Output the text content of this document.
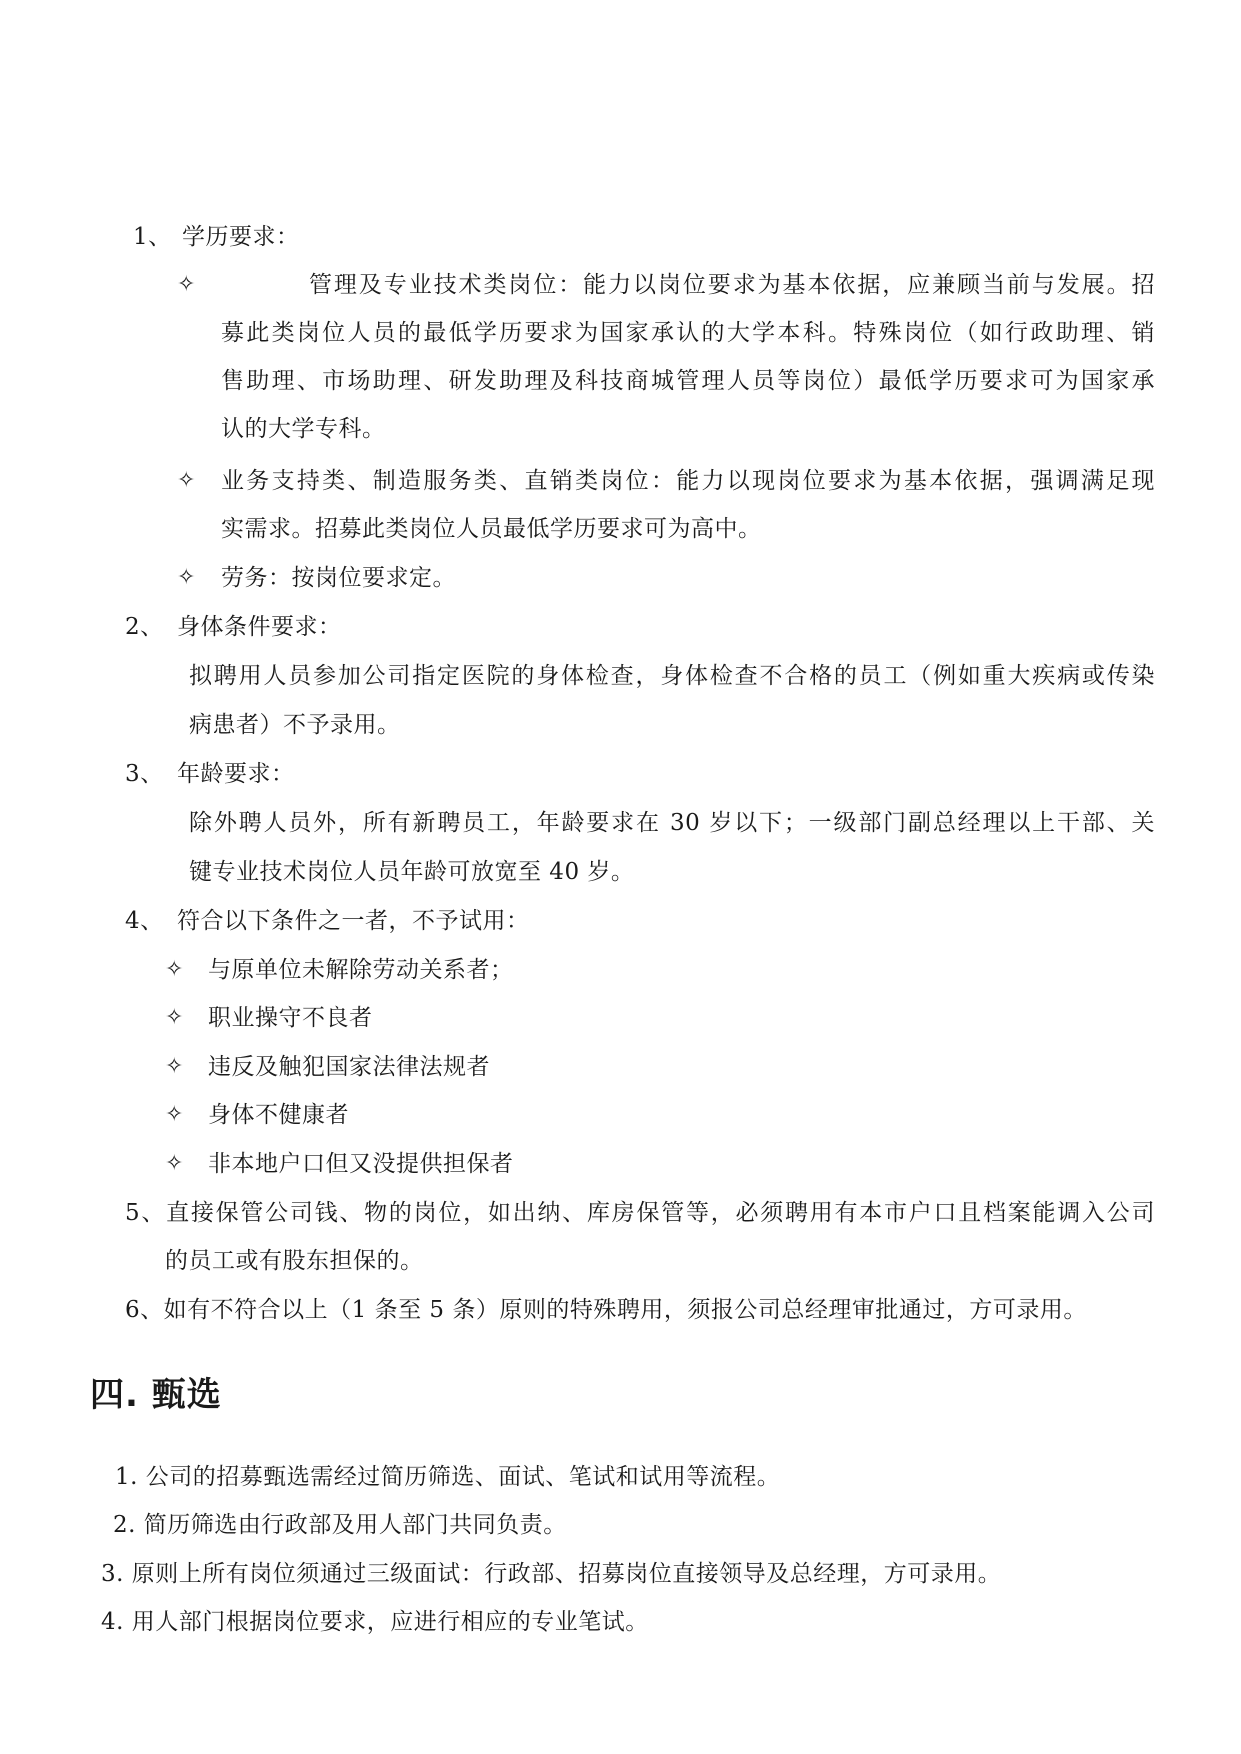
1、 学历要求：
✧	管理及专业技术类岗位：能力以岗位要求为基本依据，应兼顾当前与发展。招
募此类岗位人员的最低学历要求为国家承认的大学本科。特殊岗位（如行政助理、销
售助理、市场助理、研发助理及科技商城管理人员等岗位）最低学历要求可为国家承
认的大学专科。
✧ 业务支持类、制造服务类、直销类岗位：能力以现岗位要求为基本依据，强调满足现
实需求。招募此类岗位人员最低学历要求可为高中。
✧ 劳务：按岗位要求定。
2、 身体条件要求：
拟聘用人员参加公司指定医院的身体检查，身体检查不合格的员工（例如重大疾病或传染
病患者）不予录用。
3、 年龄要求：
除外聘人员外，所有新聘员工，年龄要求在 30 岁以下；一级部门副总经理以上干部、关
键专业技术岗位人员年龄可放宽至 40 岁。
4、 符合以下条件之一者，不予试用：
✧ 与原单位未解除劳动关系者；
✧ 职业操守不良者
✧ 违反及触犯国家法律法规者
✧ 身体不健康者
✧ 非本地户口但又没提供担保者
5、直接保管公司钱、物的岗位，如出纳、库房保管等，必须聘用有本市户口且档案能调入公司
的员工或有股东担保的。
6、如有不符合以上（1 条至 5 条）原则的特殊聘用，须报公司总经理审批通过，方可录用。
四. 甄选
1. 公司的招募甄选需经过简历筛选、面试、笔试和试用等流程。
2. 简历筛选由行政部及用人部门共同负责。
3. 原则上所有岗位须通过三级面试：行政部、招募岗位直接领导及总经理，方可录用。
4. 用人部门根据岗位要求，应进行相应的专业笔试。
